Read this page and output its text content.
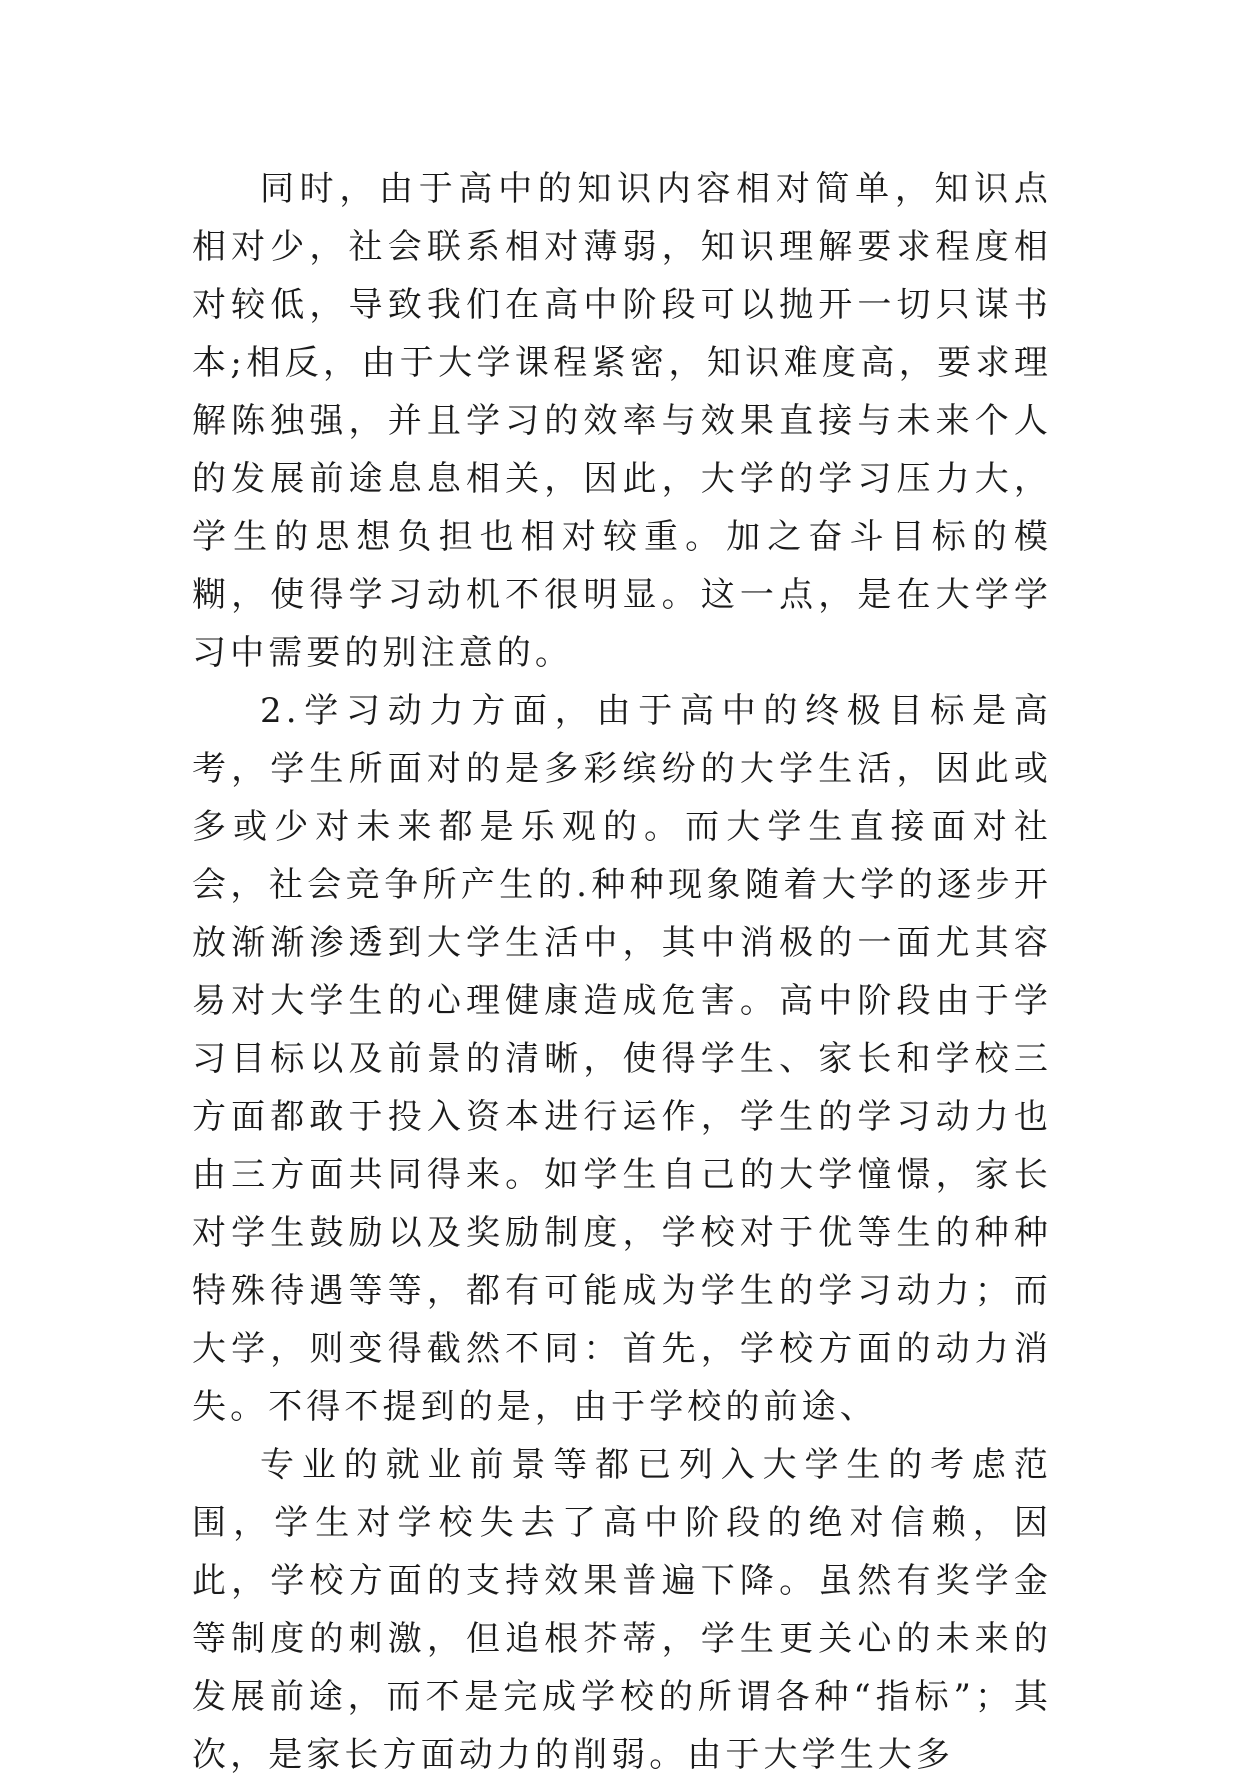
同时，由于高中的知识内容相对简单，知识点相对少，社会联系相对薄弱，知识理解要求程度相对较低，导致我们在高中阶段可以抛开一切只谋书本;相反，由于大学课程紧密，知识难度高，要求理解陈独强，并且学习的效率与效果直接与未来个人的发展前途息息相关，因此，大学的学习压力大，学生的思想负担也相对较重。加之奋斗目标的模糊，使得学习动机不很明显。这一点，是在大学学习中需要的别注意的。

2.学习动力方面，由于高中的终极目标是高考，学生所面对的是多彩缤纷的大学生活，因此或多或少对未来都是乐观的。而大学生直接面对社会，社会竞争所产生的.种种现象随着大学的逐步开放渐渐渗透到大学生活中，其中消极的一面尤其容易对大学生的心理健康造成危害。高中阶段由于学习目标以及前景的清晰，使得学生、家长和学校三方面都敢于投入资本进行运作，学生的学习动力也由三方面共同得来。如学生自己的大学憧憬，家长对学生鼓励以及奖励制度，学校对于优等生的种种特殊待遇等等，都有可能成为学生的学习动力；而大学，则变得截然不同：首先，学校方面的动力消失。不得不提到的是，由于学校的前途、

专业的就业前景等都已列入大学生的考虑范围，学生对学校失去了高中阶段的绝对信赖，因此，学校方面的支持效果普遍下降。虽然有奖学金等制度的刺激，但追根芥蒂，学生更关心的未来的发展前途，而不是完成学校的所谓各种“指标”；其次，是家长方面动力的削弱。由于大学生大多
